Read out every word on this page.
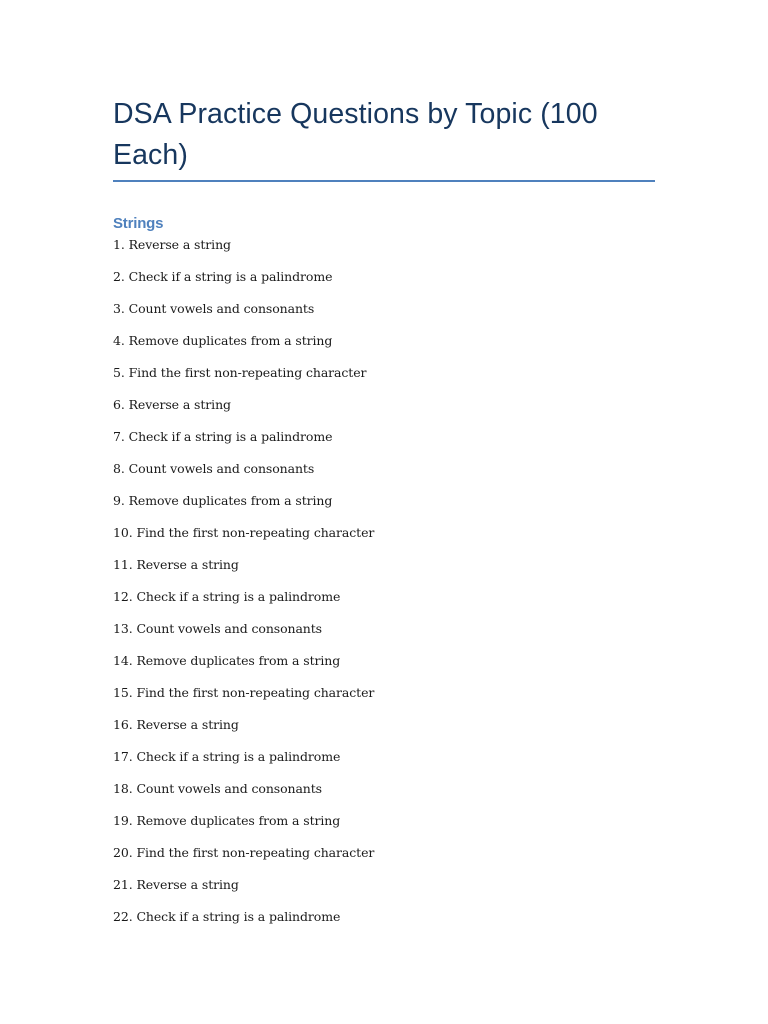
DSA Practice Questions by Topic (100 Each)
Strings
1. Reverse a string
2. Check if a string is a palindrome
3. Count vowels and consonants
4. Remove duplicates from a string
5. Find the first non-repeating character
6. Reverse a string
7. Check if a string is a palindrome
8. Count vowels and consonants
9. Remove duplicates from a string
10. Find the first non-repeating character
11. Reverse a string
12. Check if a string is a palindrome
13. Count vowels and consonants
14. Remove duplicates from a string
15. Find the first non-repeating character
16. Reverse a string
17. Check if a string is a palindrome
18. Count vowels and consonants
19. Remove duplicates from a string
20. Find the first non-repeating character
21. Reverse a string
22. Check if a string is a palindrome
